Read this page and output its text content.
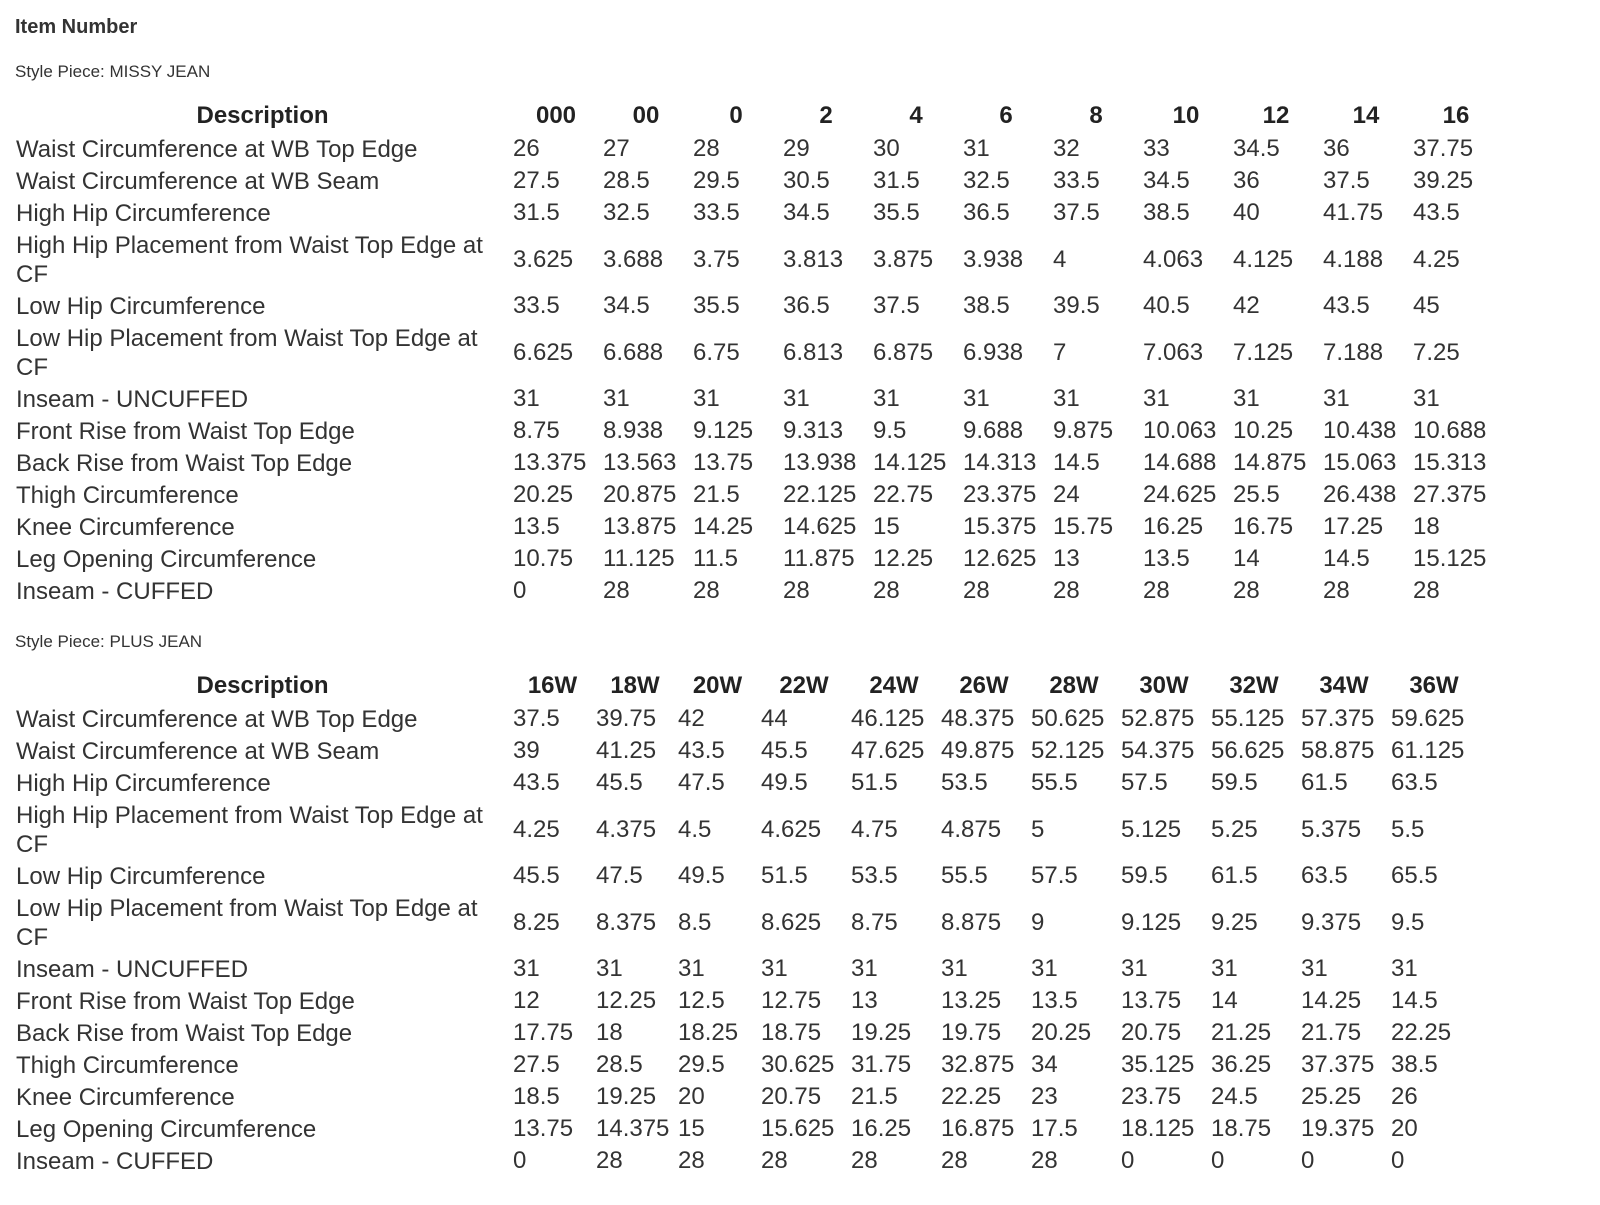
Item Number
Style Piece: MISSY JEAN
Description	000	00	0	2	4	6	8	10	12	14	16
Waist Circumference at WB Top Edge	26	27	28	29	30	31	32	33	34.5	36	37.75
Waist Circumference at WB Seam	27.5	28.5	29.5	30.5	31.5	32.5	33.5	34.5	36	37.5	39.25
High Hip Circumference	31.5	32.5	33.5	34.5	35.5	36.5	37.5	38.5	40	41.75	43.5
High Hip Placement from Waist Top Edge at CF	3.625	3.688	3.75	3.813	3.875	3.938	4	4.063	4.125	4.188	4.25
Low Hip Circumference	33.5	34.5	35.5	36.5	37.5	38.5	39.5	40.5	42	43.5	45
Low Hip Placement from Waist Top Edge at CF	6.625	6.688	6.75	6.813	6.875	6.938	7	7.063	7.125	7.188	7.25
Inseam - UNCUFFED	31	31	31	31	31	31	31	31	31	31	31
Front Rise from Waist Top Edge	8.75	8.938	9.125	9.313	9.5	9.688	9.875	10.063	10.25	10.438	10.688
Back Rise from Waist Top Edge	13.375	13.563	13.75	13.938	14.125	14.313	14.5	14.688	14.875	15.063	15.313
Thigh Circumference	20.25	20.875	21.5	22.125	22.75	23.375	24	24.625	25.5	26.438	27.375
Knee Circumference	13.5	13.875	14.25	14.625	15	15.375	15.75	16.25	16.75	17.25	18
Leg Opening Circumference	10.75	11.125	11.5	11.875	12.25	12.625	13	13.5	14	14.5	15.125
Inseam - CUFFED	0	28	28	28	28	28	28	28	28	28	28
Style Piece: PLUS JEAN
Description	16W	18W	20W	22W	24W	26W	28W	30W	32W	34W	36W
Waist Circumference at WB Top Edge	37.5	39.75	42	44	46.125	48.375	50.625	52.875	55.125	57.375	59.625
Waist Circumference at WB Seam	39	41.25	43.5	45.5	47.625	49.875	52.125	54.375	56.625	58.875	61.125
High Hip Circumference	43.5	45.5	47.5	49.5	51.5	53.5	55.5	57.5	59.5	61.5	63.5
High Hip Placement from Waist Top Edge at CF	4.25	4.375	4.5	4.625	4.75	4.875	5	5.125	5.25	5.375	5.5
Low Hip Circumference	45.5	47.5	49.5	51.5	53.5	55.5	57.5	59.5	61.5	63.5	65.5
Low Hip Placement from Waist Top Edge at CF	8.25	8.375	8.5	8.625	8.75	8.875	9	9.125	9.25	9.375	9.5
Inseam - UNCUFFED	31	31	31	31	31	31	31	31	31	31	31
Front Rise from Waist Top Edge	12	12.25	12.5	12.75	13	13.25	13.5	13.75	14	14.25	14.5
Back Rise from Waist Top Edge	17.75	18	18.25	18.75	19.25	19.75	20.25	20.75	21.25	21.75	22.25
Thigh Circumference	27.5	28.5	29.5	30.625	31.75	32.875	34	35.125	36.25	37.375	38.5
Knee Circumference	18.5	19.25	20	20.75	21.5	22.25	23	23.75	24.5	25.25	26
Leg Opening Circumference	13.75	14.375	15	15.625	16.25	16.875	17.5	18.125	18.75	19.375	20
Inseam - CUFFED	0	28	28	28	28	28	28	0	0	0	0
